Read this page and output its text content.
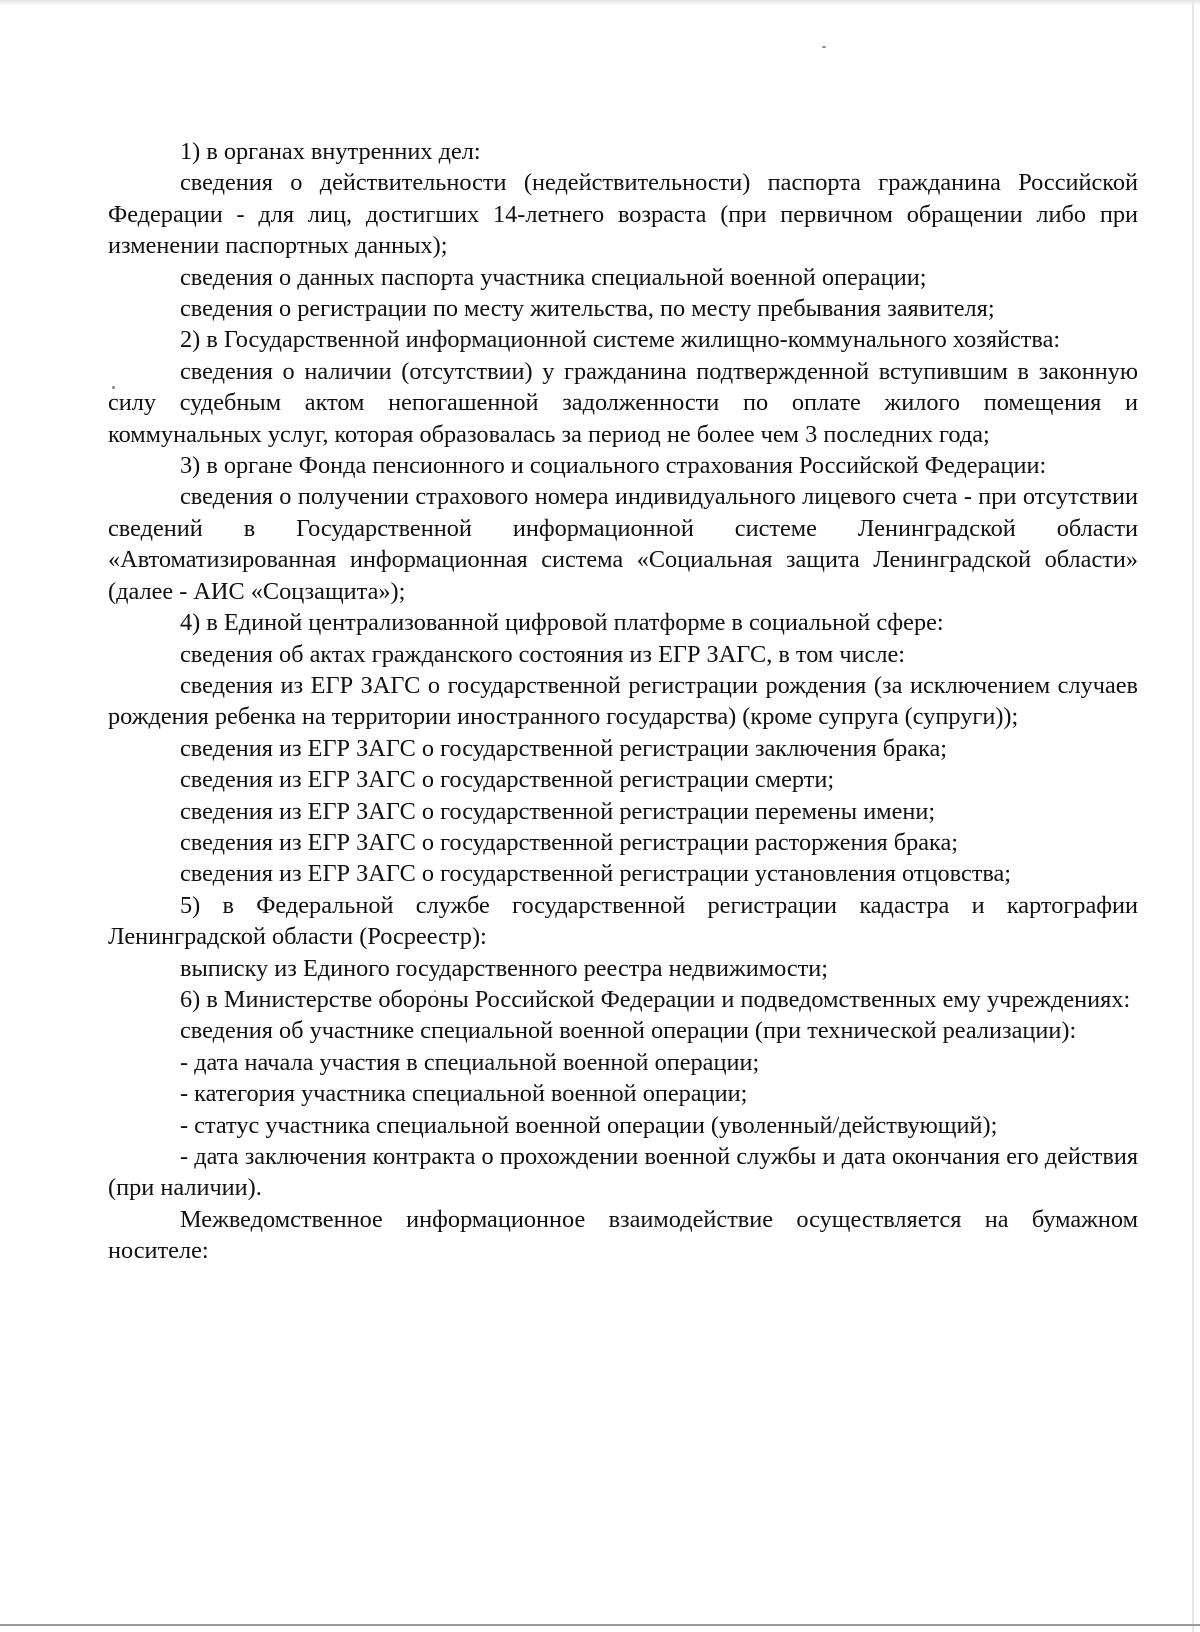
1) в органах внутренних дел:

сведения о действительности (недействительности) паспорта гражданина Российской Федерации - для лиц, достигших 14-летнего возраста (при первичном обращении либо при изменении паспортных данных);

сведения о данных паспорта участника специальной военной операции;

сведения о регистрации по месту жительства, по месту пребывания заявителя;

2) в Государственной информационной системе жилищно-коммунального хозяйства:

сведения о наличии (отсутствии) у гражданина подтвержденной вступившим в законную силу судебным актом непогашенной задолженности по оплате жилого помещения и коммунальных услуг, которая образовалась за период не более чем 3 последних года;

3) в органе Фонда пенсионного и социального страхования Российской Федерации:

сведения о получении страхового номера индивидуального лицевого счета - при отсутствии сведений в Государственной информационной системе Ленинградской области «Автоматизированная информационная система «Социальная защита Ленинградской области» (далее - АИС «Соцзащита»);

4) в Единой централизованной цифровой платформе в социальной сфере:

сведения об актах гражданского состояния из ЕГР ЗАГС, в том числе:

сведения из ЕГР ЗАГС о государственной регистрации рождения (за исключением случаев рождения ребенка на территории иностранного государства) (кроме супруга (супруги));

сведения из ЕГР ЗАГС о государственной регистрации заключения брака;

сведения из ЕГР ЗАГС о государственной регистрации смерти;

сведения из ЕГР ЗАГС о государственной регистрации перемены имени;

сведения из ЕГР ЗАГС о государственной регистрации расторжения брака;

сведения из ЕГР ЗАГС о государственной регистрации установления отцовства;

5) в Федеральной службе государственной регистрации кадастра и картографии Ленинградской области (Росреестр):

выписку из Единого государственного реестра недвижимости;

6) в Министерстве обороны Российской Федерации и подведомственных ему учреждениях:

сведения об участнике специальной военной операции (при технической реализации):

- дата начала участия в специальной военной операции;

- категория участника специальной военной операции;

- статус участника специальной военной операции (уволенный/действующий);

- дата заключения контракта о прохождении военной службы и дата окончания его действия (при наличии).

Межведомственное информационное взаимодействие осуществляется на бумажном носителе:
